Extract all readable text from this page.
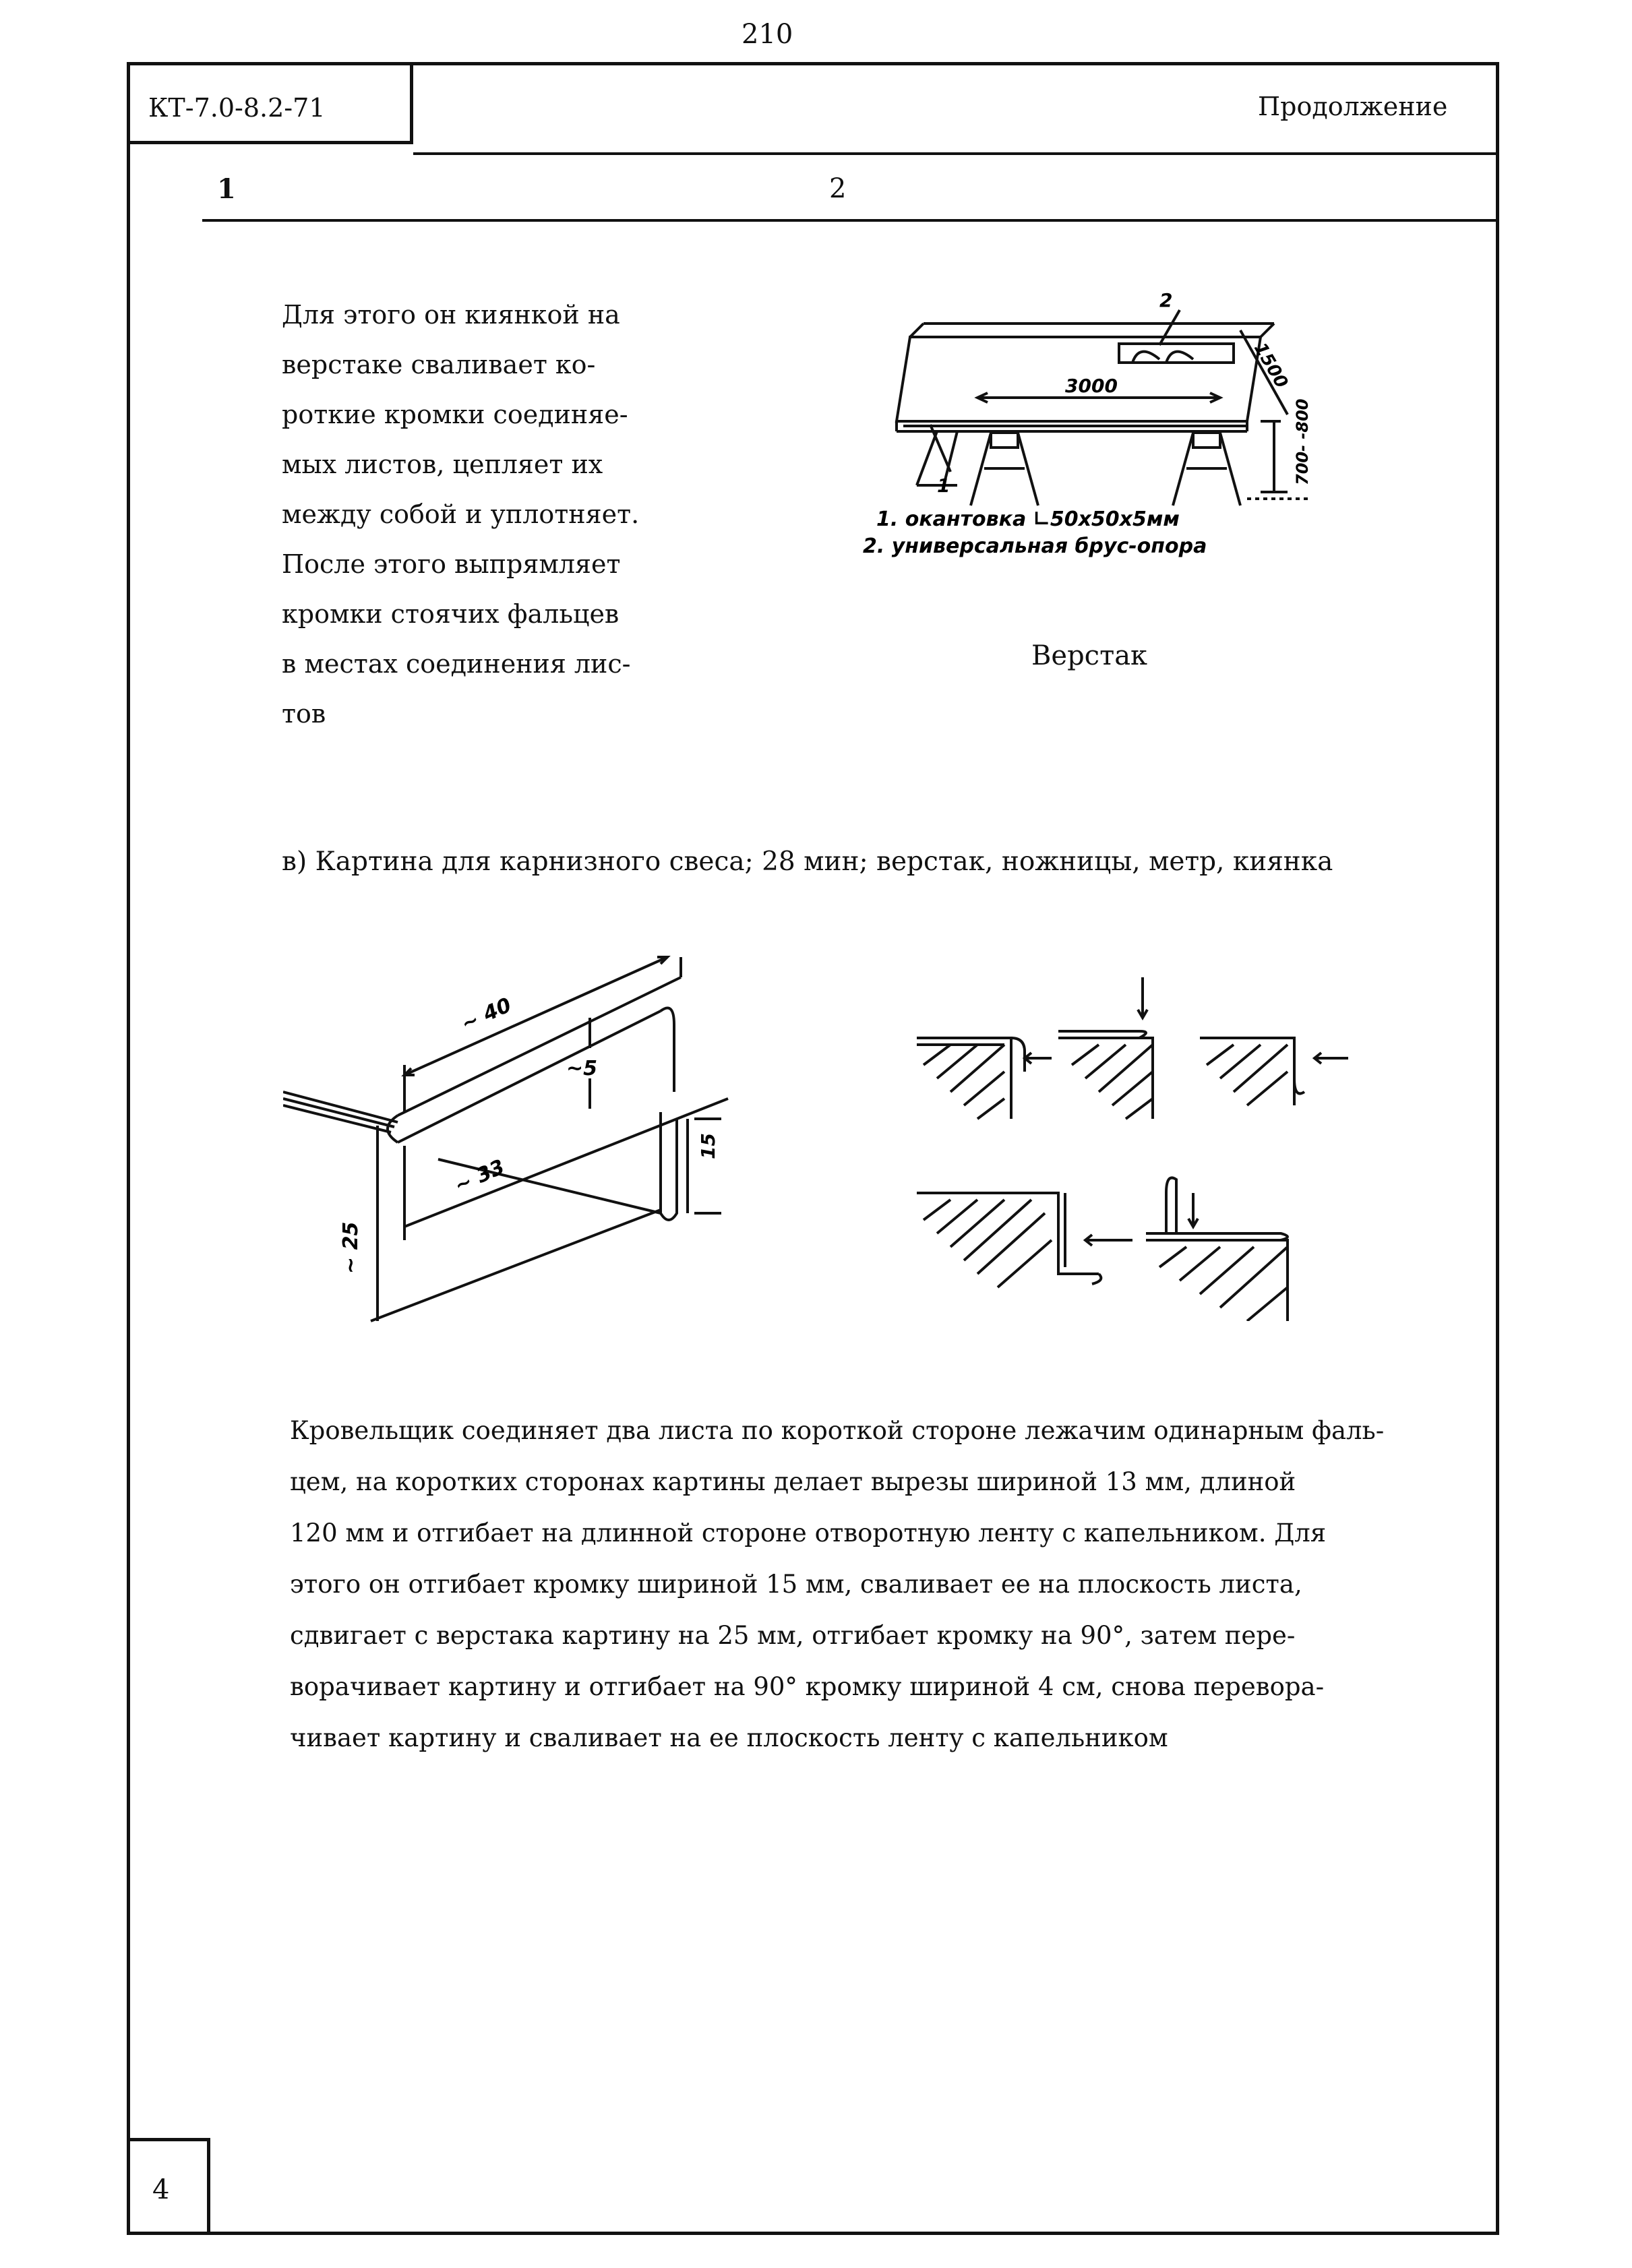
210
КТ-7.0-8.2-71	Продолжение
1	2
Для этого он киянкой на
верстаке сваливает ко-
роткие кромки соединяе-
мых листов, цепляет их
между собой и уплотняет.
После этого выпрямляет
кромки стоячих фальцев
в местах соединения лис-
тов
2
1
3000	1500
700- -800
1. окантовка ∟50х50х5мм
2. универсальная брус-опора
Верстак
в) Картина для карнизного свеса; 28 мин; верстак, ножницы, метр, киянка
~ 40
~5
~ 33
15
~ 25
Кровельщик соединяет два листа по короткой стороне лежачим одинарным фаль-
цем, на коротких сторонах картины делает вырезы шириной 13 мм, длиной
120 мм и отгибает на длинной стороне отворотную ленту с капельником. Для
этого он отгибает кромку шириной 15 мм, сваливает ее на плоскость листа,
сдвигает с верстака картину на 25 мм, отгибает кромку на 90°, затем пере-
ворачивает картину и отгибает на 90° кромку шириной 4 см, снова перевора-
чивает картину и сваливает на ее плоскость ленту с капельником
4
